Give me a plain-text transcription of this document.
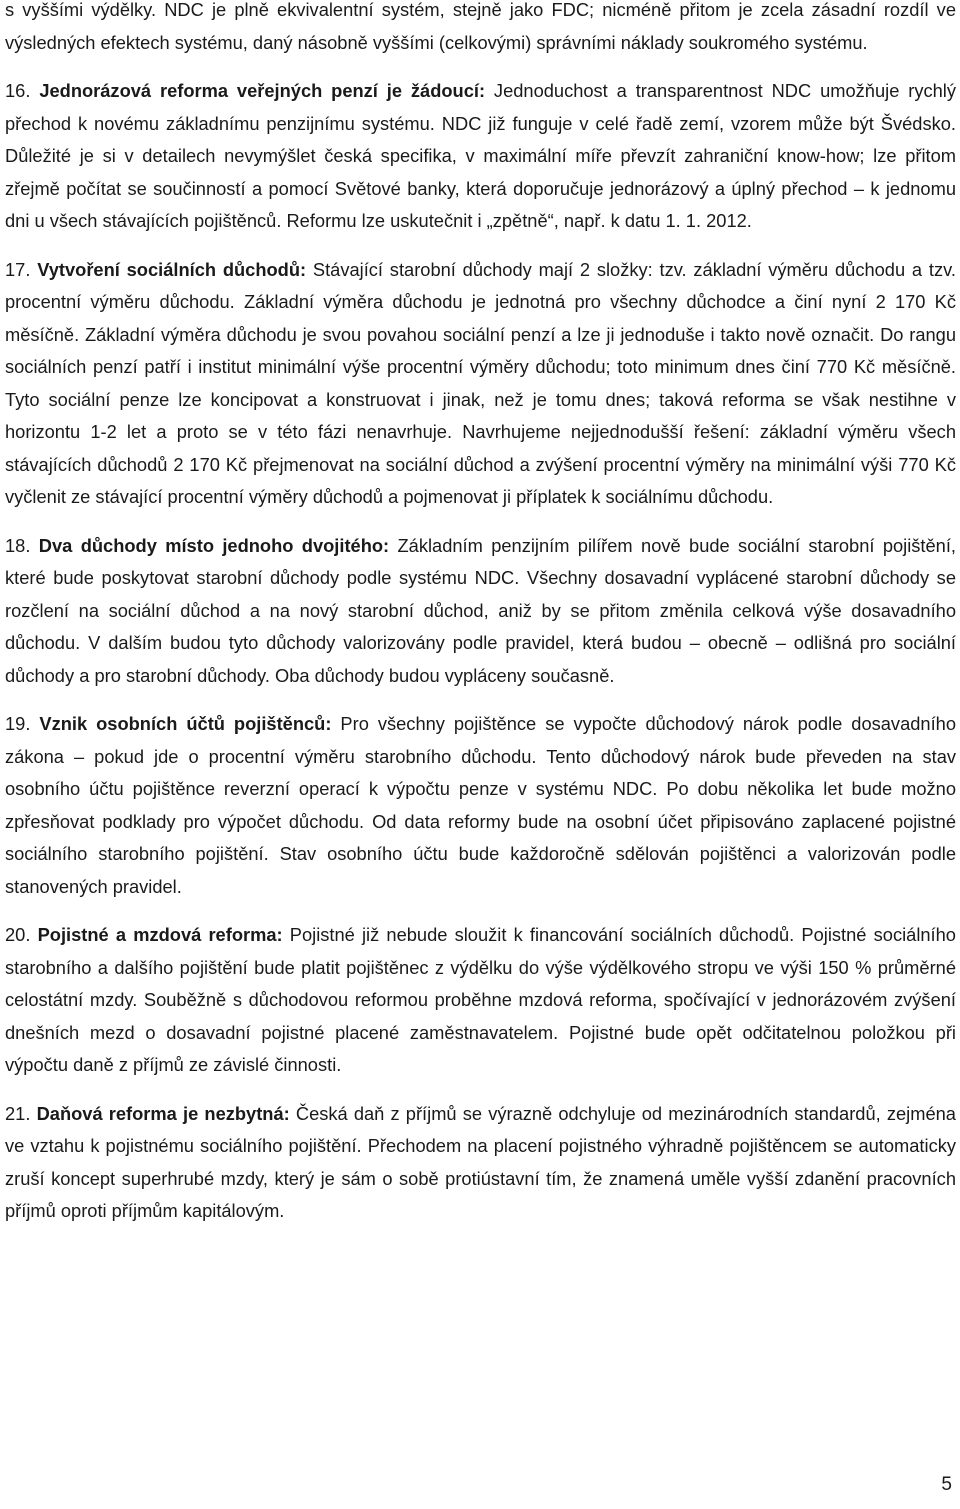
s vyššími výdělky. NDC je plně ekvivalentní systém, stejně jako FDC; nicméně přitom je zcela zásadní rozdíl ve výsledných efektech systému, daný násobně vyššími (celkovými) správními náklady soukromého systému.

16. Jednorázová reforma veřejných penzí je žádoucí: Jednoduchost a transparentnost NDC umožňuje rychlý přechod k novému základnímu penzijnímu systému. NDC již funguje v celé řadě zemí, vzorem může být Švédsko. Důležité je si v detailech nevymýšlet česká specifika, v maximální míře převzít zahraniční know-how; lze přitom zřejmě počítat se součinností a pomocí Světové banky, která doporučuje jednorázový a úplný přechod – k jednomu dni u všech stávajících pojištěnců. Reformu lze uskutečnit i „zpětně“, např. k datu 1. 1. 2012.

17. Vytvoření sociálních důchodů: Stávající starobní důchody mají 2 složky: tzv. základní výměru důchodu a tzv. procentní výměru důchodu. Základní výměra důchodu je jednotná pro všechny důchodce a činí nyní 2 170 Kč měsíčně. Základní výměra důchodu je svou povahou sociální penzí a lze ji jednoduše i takto nově označit. Do rangu sociálních penzí patří i institut minimální výše procentní výměry důchodu; toto minimum dnes činí 770 Kč měsíčně. Tyto sociální penze lze koncipovat a konstruovat i jinak, než je tomu dnes; taková reforma se však nestihne v horizontu 1-2 let a proto se v této fázi nenavrhuje. Navrhujeme nejjednodušší řešení: základní výměru všech stávajících důchodů 2 170 Kč přejmenovat na sociální důchod a zvýšení procentní výměry na minimální výši 770 Kč vyčlenit ze stávající procentní výměry důchodů a pojmenovat ji příplatek k sociálnímu důchodu.

18. Dva důchody místo jednoho dvojitého: Základním penzijním pilířem nově bude sociální starobní pojištění, které bude poskytovat starobní důchody podle systému NDC. Všechny dosavadní vyplácené starobní důchody se rozčlení na sociální důchod a na nový starobní důchod, aniž by se přitom změnila celková výše dosavadního důchodu. V dalším budou tyto důchody valorizovány podle pravidel, která budou – obecně – odlišná pro sociální důchody a pro starobní důchody. Oba důchody budou vypláceny současně.

19. Vznik osobních účtů pojištěnců: Pro všechny pojištěnce se vypočte důchodový nárok podle dosavadního zákona – pokud jde o procentní výměru starobního důchodu. Tento důchodový nárok bude převeden na stav osobního účtu pojištěnce reverzní operací k výpočtu penze v systému NDC. Po dobu několika let bude možno zpřesňovat podklady pro výpočet důchodu. Od data reformy bude na osobní účet připisováno zaplacené pojistné sociálního starobního pojištění. Stav osobního účtu bude každoročně sdělován pojištěnci a valorizován podle stanovených pravidel.

20. Pojistné a mzdová reforma: Pojistné již nebude sloužit k financování sociálních důchodů. Pojistné sociálního starobního a dalšího pojištění bude platit pojištěnec z výdělku do výše výdělkového stropu ve výši 150 % průměrné celostátní mzdy. Souběžně s důchodovou reformou proběhne mzdová reforma, spočívající v jednorázovém zvýšení dnešních mezd o dosavadní pojistné placené zaměstnavatelem. Pojistné bude opět odčitatelnou položkou při výpočtu daně z příjmů ze závislé činnosti.

21. Daňová reforma je nezbytná: Česká daň z příjmů se výrazně odchyluje od mezinárodních standardů, zejména ve vztahu k pojistnému sociálního pojištění. Přechodem na placení pojistného výhradně pojištěncem se automaticky zruší koncept superhrubé mzdy, který je sám o sobě protiústavní tím, že znamená uměle vyšší zdanění pracovních příjmů oproti příjmům kapitálovým.

5
